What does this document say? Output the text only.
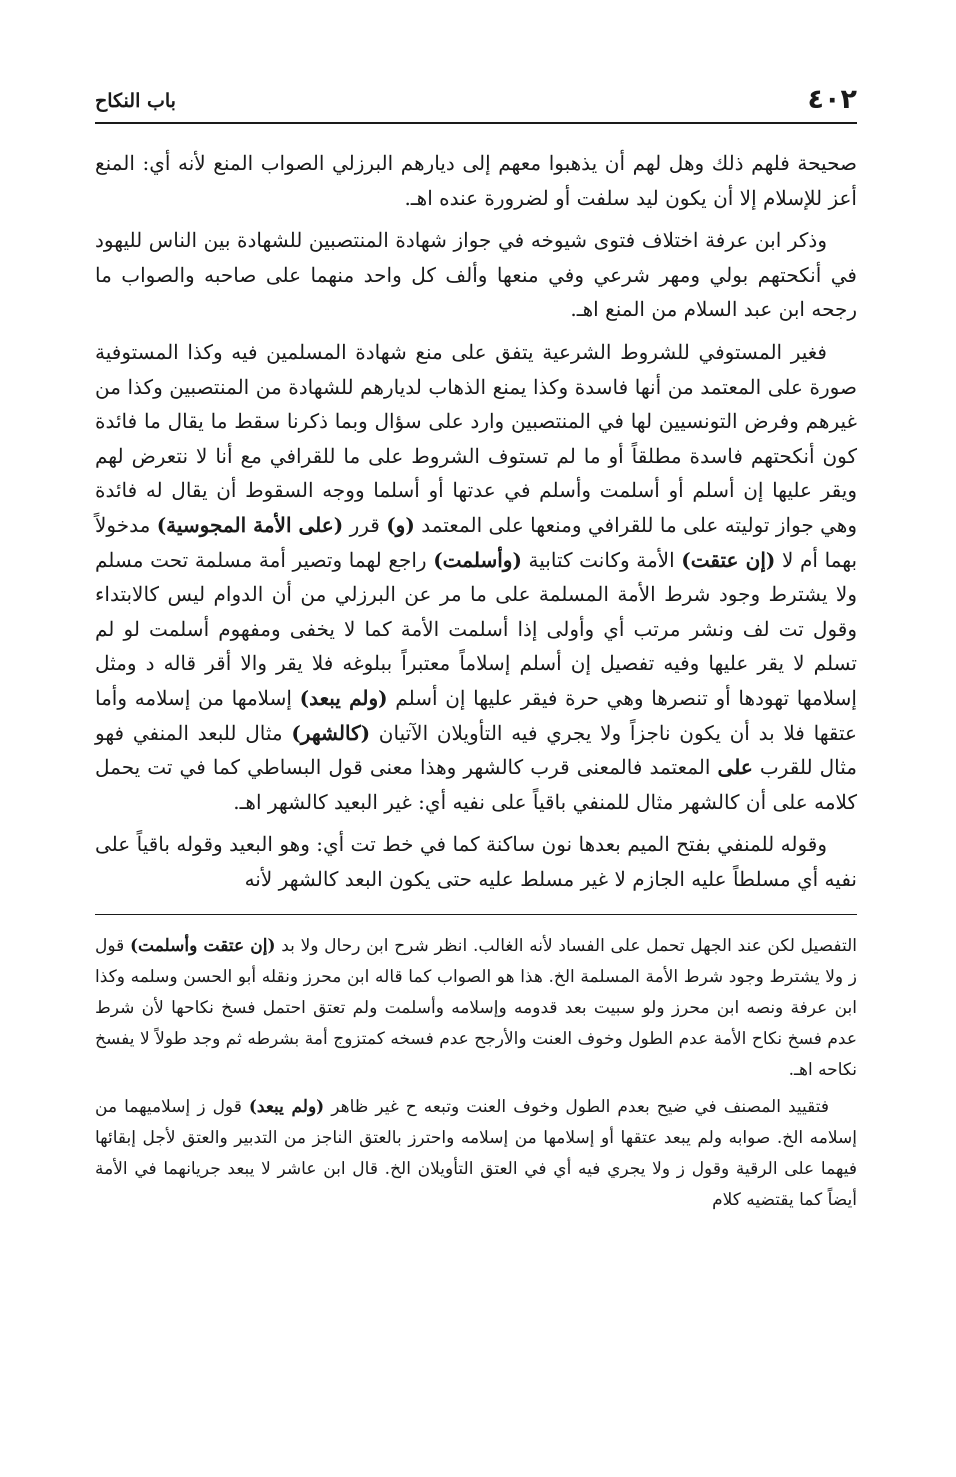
٤٠٢
باب النكاح

صحيحة فلهم ذلك وهل لهم أن يذهبوا معهم إلى ديارهم البرزلي الصواب المنع لأنه أي: المنع أعز للإسلام إلا أن يكون ليد سلفت أو لضرورة عنده اهـ.

وذكر ابن عرفة اختلاف فتوى شيوخه في جواز شهادة المنتصبين للشهادة بين الناس لليهود في أنكحتهم بولي ومهر شرعي وفي منعها وألف كل واحد منهما على صاحبه والصواب ما رجحه ابن عبد السلام من المنع اهـ.

فغير المستوفي للشروط الشرعية يتفق على منع شهادة المسلمين فيه وكذا المستوفية صورة على المعتمد من أنها فاسدة وكذا يمنع الذهاب لديارهم للشهادة من المنتصبين وكذا من غيرهم وفرض التونسيين لها في المنتصبين وارد على سؤال وبما ذكرنا سقط ما يقال ما فائدة كون أنكحتهم فاسدة مطلقاً أو ما لم تستوف الشروط على ما للقرافي مع أنا لا نتعرض لهم ويقر عليها إن أسلم أو أسلمت وأسلم في عدتها أو أسلما ووجه السقوط أن يقال له فائدة وهي جواز توليته على ما للقرافي ومنعها على المعتمد (و) قرر (على الأمة المجوسية) مدخولاً بهما أم لا (إن عتقت) الأمة وكانت كتابية (وأسلمت) راجع لهما وتصير أمة مسلمة تحت مسلم ولا يشترط وجود شرط الأمة المسلمة على ما مر عن البرزلي من أن الدوام ليس كالابتداء وقول تت لف ونشر مرتب أي وأولى إذا أسلمت الأمة كما لا يخفى ومفهوم أسلمت لو لم تسلم لا يقر عليها وفيه تفصيل إن أسلم إسلاماً معتبراً ببلوغه فلا يقر والا أقر قاله د ومثل إسلامها تهودها أو تنصرها وهي حرة فيقر عليها إن أسلم (ولم يبعد) إسلامها من إسلامه وأما عتقها فلا بد أن يكون ناجزاً ولا يجري فيه التأويلان الآتيان (كالشهر) مثال للبعد المنفي فهو مثال للقرب على المعتمد فالمعنى قرب كالشهر وهذا معنى قول البساطي كما في تت يحمل كلامه على أن كالشهر مثال للمنفي باقياً على نفيه أي: غير البعيد كالشهر اهـ.

وقوله للمنفي بفتح الميم بعدها نون ساكنة كما في خط تت أي: وهو البعيد وقوله باقياً على نفيه أي مسلطاً عليه الجازم لا غير مسلط عليه حتى يكون البعد كالشهر لأنه

التفصيل لكن عند الجهل تحمل على الفساد لأنه الغالب. انظر شرح ابن رحال ولا بد (إن عتقت وأسلمت) قول ز ولا يشترط وجود شرط الأمة المسلمة الخ. هذا هو الصواب كما قاله ابن محرز ونقله أبو الحسن وسلمه وكذا ابن عرفة ونصه ابن محرز ولو سبيت بعد قدومه وإسلامه وأسلمت ولم تعتق احتمل فسخ نكاحها لأن شرط عدم فسخ نكاح الأمة عدم الطول وخوف العنت والأرجح عدم فسخه كمتزوج أمة بشرطه ثم وجد طولاً لا يفسخ نكاحه اهـ.

فتقييد المصنف في ضيح بعدم الطول وخوف العنت وتبعه ح غير ظاهر (ولم يبعد) قول ز إسلاميهما من إسلامه الخ. صوابه ولم يبعد عتقها أو إسلامها من إسلامه واحترز بالعتق الناجز من التدبير والعتق لأجل إبقائها فيهما على الرقية وقول ز ولا يجري فيه أي في العتق التأويلان الخ. قال ابن عاشر لا يبعد جريانهما في الأمة أيضاً كما يقتضيه كلام
